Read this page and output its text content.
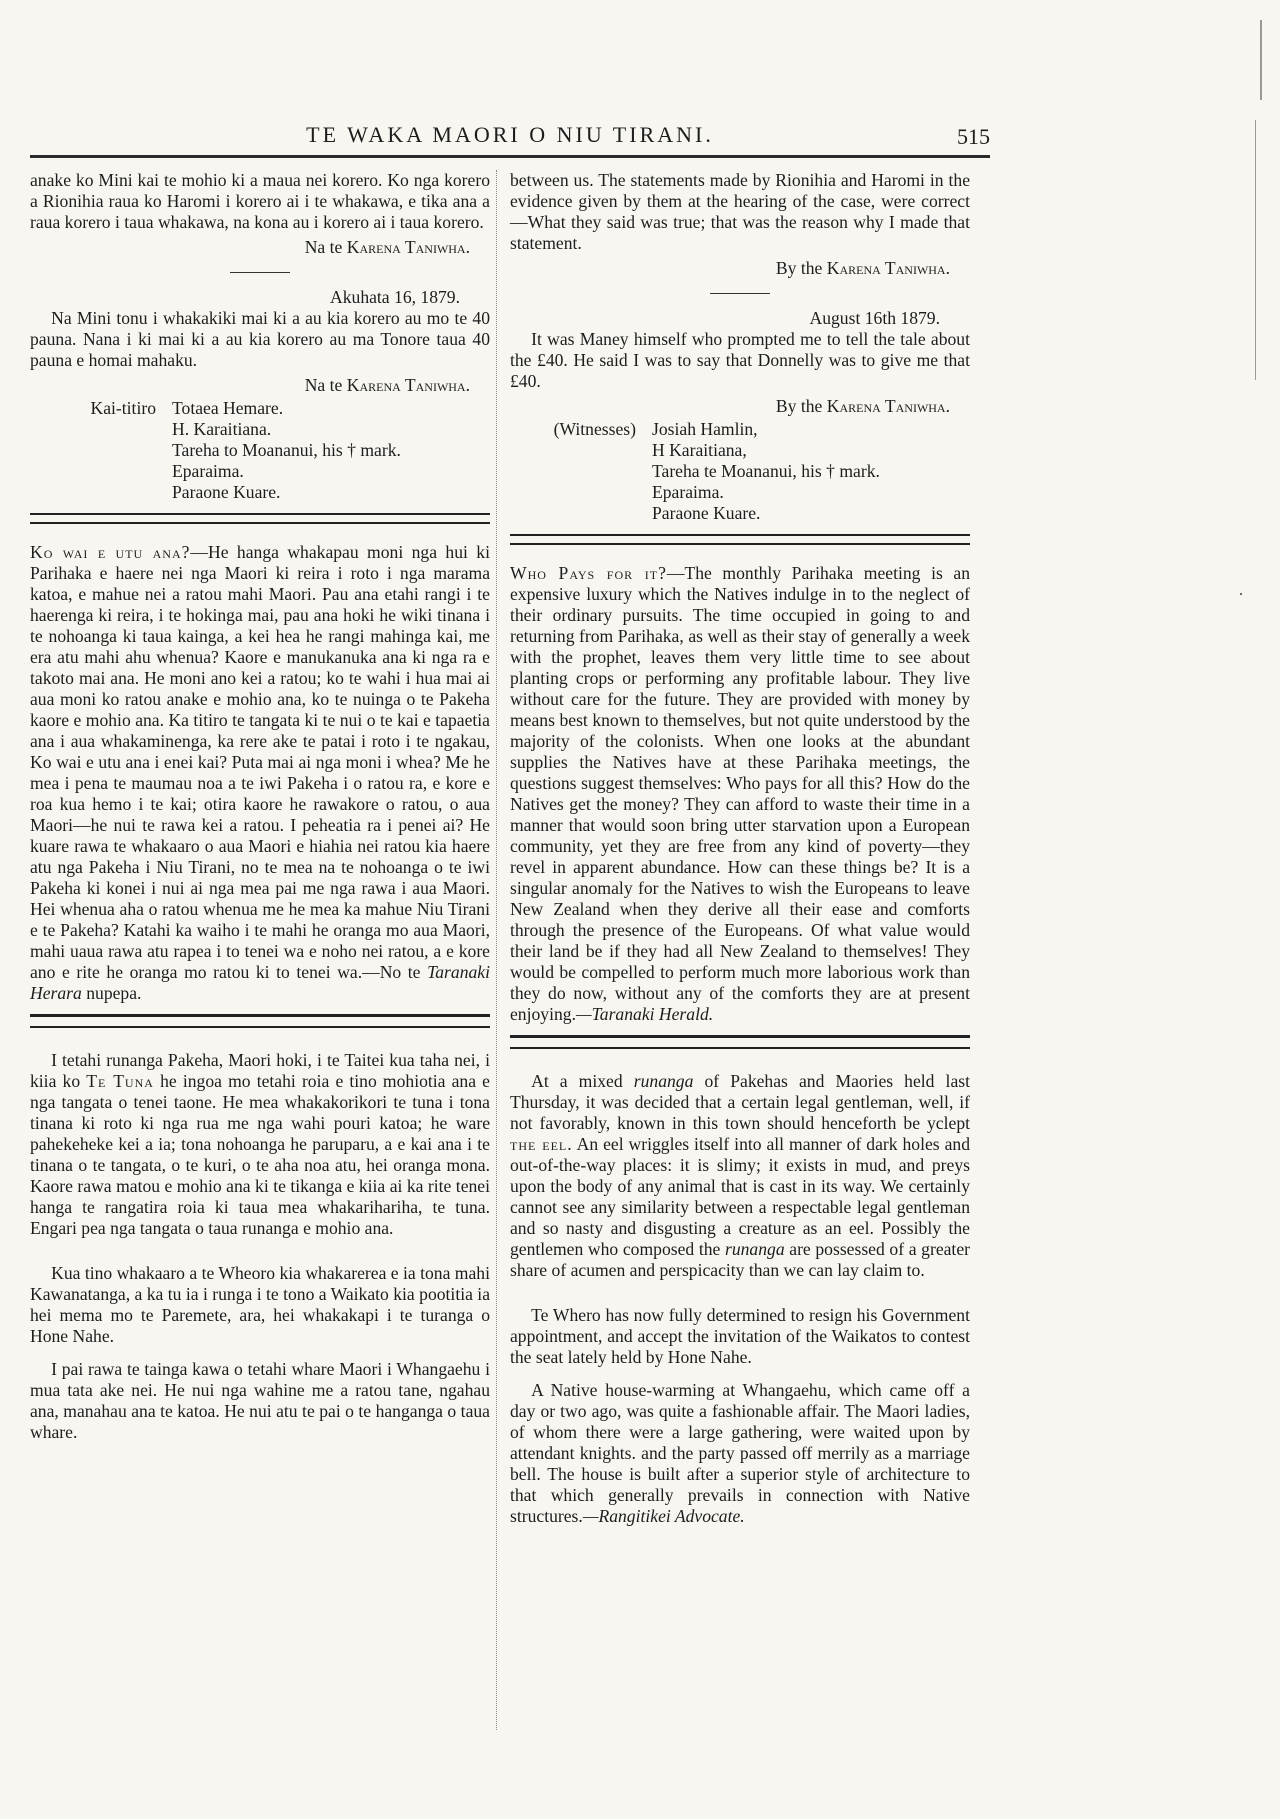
TE WAKA MAORI O NIU TIRANI.	515

anake ko Mini kai te mohio ki a maua nei korero. Ko nga korero a Rionihia raua ko Haromi i korero ai i te whakawa, e tika ana a raua korero i taua whakawa, na kona au i korero ai i taua korero.

Na te Karena Taniwha.
Akuhata 16, 1879.

Na Mini tonu i whakakiki mai ki a au kia korero au mo te 40 pauna. Nana i ki mai ki a au kia korero au ma Tonore taua 40 pauna e homai mahaku.

Na te Karena Taniwha.
Kai-titiro Totaea Hemare.
H. Karaitiana.
Tareha to Moananui, his † mark.
Eparaima.
Paraone Kuare.

Ko wai e utu ana?—He hanga whakapau moni nga hui ki Parihaka e haere nei nga Maori ki reira i roto i nga marama katoa, e mahue nei a ratou mahi Maori. Pau ana etahi rangi i te haerenga ki reira, i te hokinga mai, pau ana hoki he wiki tinana i te nohoanga ki taua kainga, a kei hea he rangi mahinga kai, me era atu mahi ahu whenua? Kaore e manukanuka ana ki nga ra e takoto mai ana. He moni ano kei a ratou; ko te wahi i hua mai ai aua moni ko ratou anake e mohio ana, ko te nuinga o te Pakeha kaore e mohio ana. Ka titiro te tangata ki te nui o te kai e tapaetia ana i aua whakaminenga, ka rere ake te patai i roto i te ngakau, Ko wai e utu ana i enei kai? Puta mai ai nga moni i whea? Me he mea i pena te maumau noa a te iwi Pakeha i o ratou ra, e kore e roa kua hemo i te kai; otira kaore he rawakore o ratou, o aua Maori—he nui te rawa kei a ratou. I peheatia ra i penei ai? He kuare rawa te whakaaro o aua Maori e hiahia nei ratou kia haere atu nga Pakeha i Niu Tirani, no te mea na te nohoanga o te iwi Pakeha ki konei i nui ai nga mea pai me nga rawa i aua Maori. Hei whenua aha o ratou whenua me he mea ka mahue Niu Tirani e te Pakeha? Katahi ka waiho i te mahi he oranga mo aua Maori, mahi uaua rawa atu rapea i to tenei wa e noho nei ratou, a e kore ano e rite he oranga mo ratou ki to tenei wa.—No te Taranaki Herara nupepa.

I tetahi runanga Pakeha, Maori hoki, i te Taitei kua taha nei, i kiia ko Te Tuna he ingoa mo tetahi roia e tino mohiotia ana e nga tangata o tenei taone. He mea whakakorikori te tuna i tona tinana ki roto ki nga rua me nga wahi pouri katoa; he ware pahekeheke kei a ia; tona nohoanga he paruparu, a e kai ana i te tinana o te tangata, o te kuri, o te aha noa atu, hei oranga mona. Kaore rawa matou e mohio ana ki te tikanga e kiia ai ka rite tenei hanga te rangatira roia ki taua mea whakarihariha, te tuna. Engari pea nga tangata o taua runanga e mohio ana.

Kua tino whakaaro a te Wheoro kia whakarerea e ia tona mahi Kawanatanga, a ka tu ia i runga i te tono a Waikato kia pootitia ia hei mema mo te Paremete, ara, hei whakakapi i te turanga o Hone Nahe.

I pai rawa te tainga kawa o tetahi whare Maori i Whangaehu i mua tata ake nei. He nui nga wahine me a ratou tane, ngahau ana, manahau ana te katoa. He nui atu te pai o te hanganga o taua whare.

between us. The statements made by Rionihia and Haromi in the evidence given by them at the hearing of the case, were correct—What they said was true; that was the reason why I made that statement.

By the Karena Taniwha.
August 16th 1879.

It was Maney himself who prompted me to tell the tale about the £40. He said I was to say that Donnelly was to give me that £40.

By the Karena Taniwha.
(Witnesses) Josiah Hamlin,
H Karaitiana,
Tareha te Moananui, his † mark.
Eparaima.
Paraone Kuare.

Who Pays for it?—The monthly Parihaka meeting is an expensive luxury which the Natives indulge in to the neglect of their ordinary pursuits. The time occupied in going to and returning from Parihaka, as well as their stay of generally a week with the prophet, leaves them very little time to see about planting crops or performing any profitable labour. They live without care for the future. They are provided with money by means best known to themselves, but not quite understood by the majority of the colonists. When one looks at the abundant supplies the Natives have at these Parihaka meetings, the questions suggest themselves: Who pays for all this? How do the Natives get the money? They can afford to waste their time in a manner that would soon bring utter starvation upon a European community, yet they are free from any kind of poverty—they revel in apparent abundance. How can these things be? It is a singular anomaly for the Natives to wish the Europeans to leave New Zealand when they derive all their ease and comforts through the presence of the Europeans. Of what value would their land be if they had all New Zealand to themselves! They would be compelled to perform much more laborious work than they do now, without any of the comforts they are at present enjoying.—Taranaki Herald.

At a mixed runanga of Pakehas and Maories held last Thursday, it was decided that a certain legal gentleman, well, if not favorably, known in this town should henceforth be yclept the eel. An eel wriggles itself into all manner of dark holes and out-of-the-way places: it is slimy; it exists in mud, and preys upon the body of any animal that is cast in its way. We certainly cannot see any similarity between a respectable legal gentleman and so nasty and disgusting a creature as an eel. Possibly the gentlemen who composed the runanga are possessed of a greater share of acumen and perspicacity than we can lay claim to.

Te Whero has now fully determined to resign his Government appointment, and accept the invitation of the Waikatos to contest the seat lately held by Hone Nahe.

A Native house-warming at Whangaehu, which came off a day or two ago, was quite a fashionable affair. The Maori ladies, of whom there were a large gathering, were waited upon by attendant knights. and the party passed off merrily as a marriage bell. The house is built after a superior style of architecture to that which generally prevails in connection with Native structures.—Rangitikei Advocate.

·
